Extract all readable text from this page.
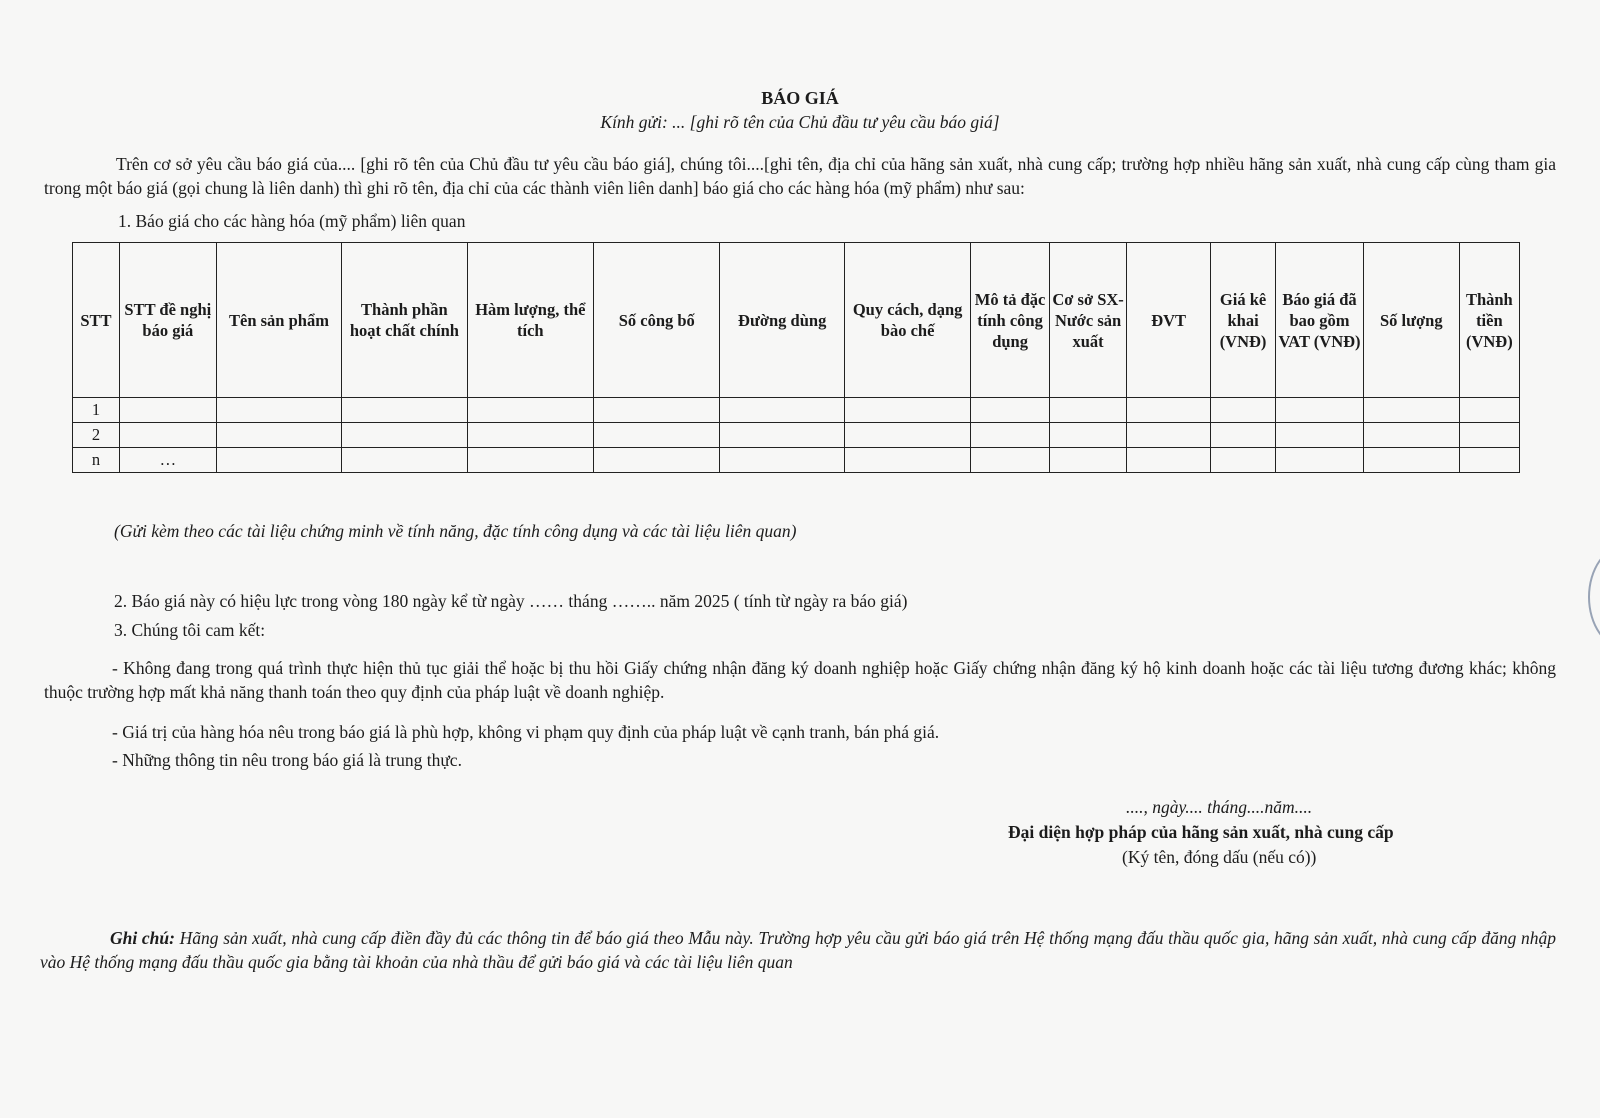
BÁO GIÁ
Kính gửi: ... [ghi rõ tên của Chủ đầu tư yêu cầu báo giá]
Trên cơ sở yêu cầu báo giá của.... [ghi rõ tên của Chủ đầu tư yêu cầu báo giá], chúng tôi....[ghi tên, địa chỉ của hãng sản xuất, nhà cung cấp; trường hợp nhiều hãng sản xuất, nhà cung cấp cùng tham gia trong một báo giá (gọi chung là liên danh) thì ghi rõ tên, địa chỉ của các thành viên liên danh] báo giá cho các hàng hóa (mỹ phẩm) như sau:
1. Báo giá cho các hàng hóa (mỹ phẩm) liên quan
STT	STT đề nghị báo giá	Tên sản phẩm	Thành phần hoạt chất chính	Hàm lượng, thể tích	Số công bố	Đường dùng	Quy cách, dạng bào chế	Mô tả đặc tính công dụng	Cơ sở SX-Nước sản xuất	ĐVT	Giá kê khai (VNĐ)	Báo giá đã bao gồm VAT (VNĐ)	Số lượng	Thành tiền (VNĐ)
1														
2														
n	…													
(Gửi kèm theo các tài liệu chứng minh về tính năng, đặc tính công dụng và các tài liệu liên quan)
2. Báo giá này có hiệu lực trong vòng 180 ngày kể từ ngày …… tháng …….. năm 2025 ( tính từ ngày ra báo giá)
3. Chúng tôi cam kết:
- Không đang trong quá trình thực hiện thủ tục giải thể hoặc bị thu hồi Giấy chứng nhận đăng ký doanh nghiệp hoặc Giấy chứng nhận đăng ký hộ kinh doanh hoặc các tài liệu tương đương khác; không thuộc trường hợp mất khả năng thanh toán theo quy định của pháp luật về doanh nghiệp.
- Giá trị của hàng hóa nêu trong báo giá là phù hợp, không vi phạm quy định của pháp luật về cạnh tranh, bán phá giá.
- Những thông tin nêu trong báo giá là trung thực.
...., ngày.... tháng....năm....
Đại diện hợp pháp của hãng sản xuất, nhà cung cấp
(Ký tên, đóng dấu (nếu có))
Ghi chú: Hãng sản xuất, nhà cung cấp điền đầy đủ các thông tin để báo giá theo Mẫu này. Trường hợp yêu cầu gửi báo giá trên Hệ thống mạng đấu thầu quốc gia, hãng sản xuất, nhà cung cấp đăng nhập vào Hệ thống mạng đấu thầu quốc gia bằng tài khoản của nhà thầu để gửi báo giá và các tài liệu liên quan
